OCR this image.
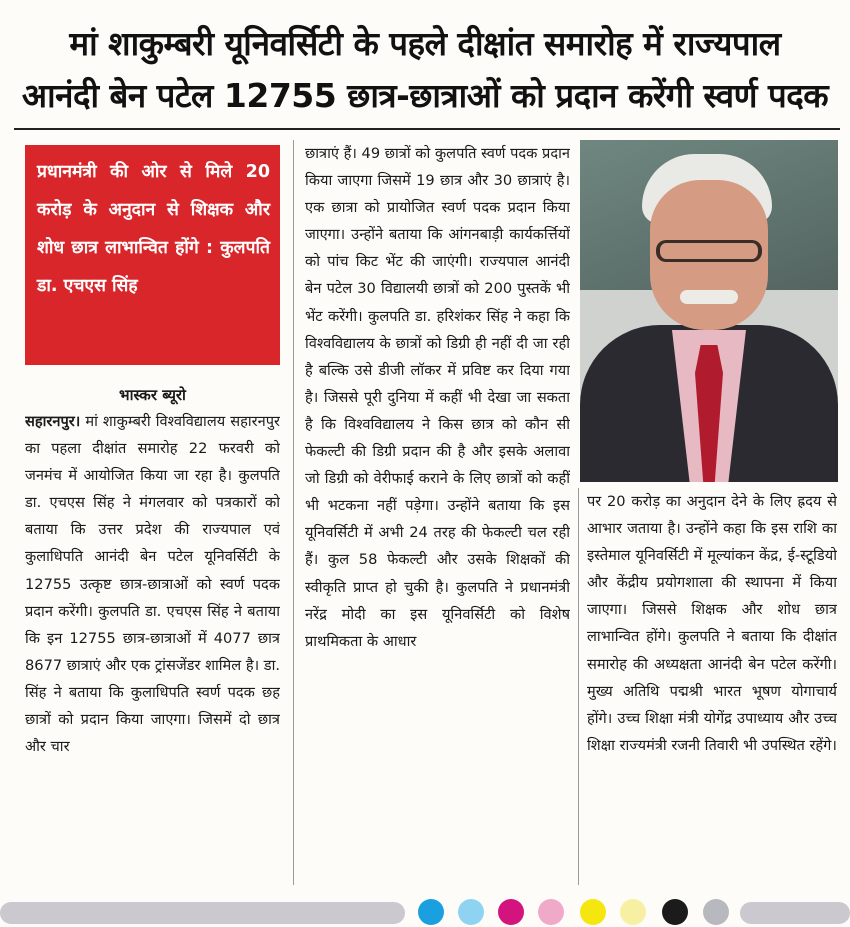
मां शाकुम्बरी यूनिवर्सिटी के पहले दीक्षांत समारोह में राज्यपाल
आनंदी बेन पटेल 12755 छात्र-छात्राओं को प्रदान करेंगी स्वर्ण पदक
प्रधानमंत्री की ओर से मिले 20 करोड़ के अनुदान से शिक्षक और शोध छात्र लाभान्वित होंगे : कुलपति डा. एचएस सिंह
भास्कर ब्यूरो
सहारनपुर। मां शाकुम्बरी विश्वविद्यालय सहारनपुर का पहला दीक्षांत समारोह 22 फरवरी को जनमंच में आयोजित किया जा रहा है। कुलपति डा. एचएस सिंह ने मंगलवार को पत्रकारों को बताया कि उत्तर प्रदेश की राज्यपाल एवं कुलाधिपति आनंदी बेन पटेल यूनिवर्सिटी के 12755 उत्कृष्ट छात्र-छात्राओं को स्वर्ण पदक प्रदान करेंगी। कुलपति डा. एचएस सिंह ने बताया कि इन 12755 छात्र-छात्राओं में 4077 छात्र 8677 छात्राएं और एक ट्रांसजेंडर शामिल है। डा. सिंह ने बताया कि कुलाधिपति स्वर्ण पदक छह छात्रों को प्रदान किया जाएगा। जिसमें दो छात्र और चार
छात्राएं हैं। 49 छात्रों को कुलपति स्वर्ण पदक प्रदान किया जाएगा जिसमें 19 छात्र और 30 छात्राएं है। एक छात्रा को प्रायोजित स्वर्ण पदक प्रदान किया जाएगा। उन्होंने बताया कि आंगनबाड़ी कार्यकर्त्तियों को पांच किट भेंट की जाएंगी। राज्यपाल आनंदी बेन पटेल 30 विद्यालयी छात्रों को 200 पुस्तकें भी भेंट करेंगी। कुलपति डा. हरिशंकर सिंह ने कहा कि विश्वविद्यालय के छात्रों को डिग्री ही नहीं दी जा रही है बल्कि उसे डीजी लॉकर में प्रविष्ट कर दिया गया है। जिससे पूरी दुनिया में कहीं भी देखा जा सकता है कि विश्वविद्यालय ने किस छात्र को कौन सी फेकल्टी की डिग्री प्रदान की है और इसके अलावा जो डिग्री को वेरीफाई कराने के लिए छात्रों को कहीं भी भटकना नहीं पड़ेगा। उन्होंने बताया कि इस यूनिवर्सिटी में अभी 24 तरह की फेकल्टी चल रही हैं। कुल 58 फेकल्टी और उसके शिक्षकों की स्वीकृति प्राप्त हो चुकी है। कुलपति ने प्रधानमंत्री नरेंद्र मोदी का इस यूनिवर्सिटी को विशेष प्राथमिकता के आधार
पर 20 करोड़ का अनुदान देने के लिए ह्रदय से आभार जताया है। उन्होंने कहा कि इस राशि का इस्तेमाल यूनिवर्सिटी में मूल्यांकन केंद्र, ई-स्टूडियो और केंद्रीय प्रयोगशाला की स्थापना में किया जाएगा। जिससे शिक्षक और शोध छात्र लाभान्वित होंगे। कुलपति ने बताया कि दीक्षांत समारोह की अध्यक्षता आनंदी बेन पटेल करेंगी। मुख्य अतिथि पद्मश्री भारत भूषण योगाचार्य होंगे। उच्च शिक्षा मंत्री योगेंद्र उपाध्याय और उच्च शिक्षा राज्यमंत्री रजनी तिवारी भी उपस्थित रहेंगे।
